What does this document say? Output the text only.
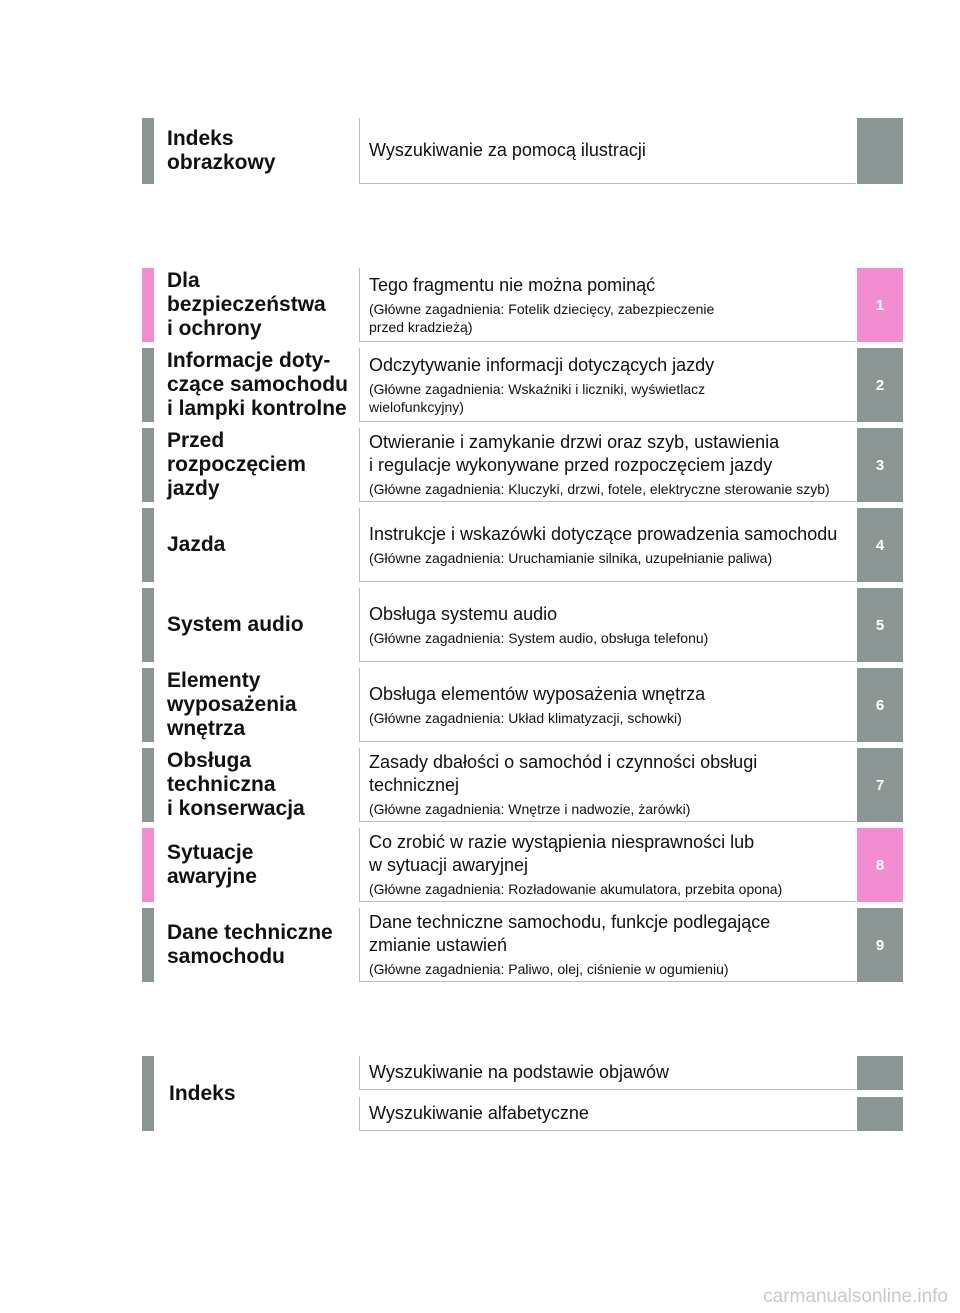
Indeks
obrazkowy
Wyszukiwanie za pomocą ilustracji
Dla
bezpieczeństwa
i ochrony
Tego fragmentu nie można pominąć
(Główne zagadnienia: Fotelik dziecięcy, zabezpieczenie
przed kradzieżą)
1
Informacje doty-
czące samochodu
i lampki kontrolne
Odczytywanie informacji dotyczących jazdy
(Główne zagadnienia: Wskaźniki i liczniki, wyświetlacz
wielofunkcyjny)
2
Przed
rozpoczęciem
jazdy
Otwieranie i zamykanie drzwi oraz szyb, ustawienia
i regulacje wykonywane przed rozpoczęciem jazdy
(Główne zagadnienia: Kluczyki, drzwi, fotele, elektryczne sterowanie szyb)
3
Jazda	Instrukcje i wskazówki dotyczące prowadzenia samochodu
(Główne zagadnienia: Uruchamianie silnika, uzupełnianie paliwa)
4
System audio	Obsługa systemu audio
(Główne zagadnienia: System audio, obsługa telefonu)
5
Elementy
wyposażenia
wnętrza
Obsługa elementów wyposażenia wnętrza
(Główne zagadnienia: Układ klimatyzacji, schowki)
6
Obsługa
techniczna
i konserwacja
Zasady dbałości o samochód i czynności obsługi
technicznej
(Główne zagadnienia: Wnętrze i nadwozie, żarówki)
7
Sytuacje
awaryjne
Co zrobić w razie wystąpienia niesprawności lub
w sytuacji awaryjnej
(Główne zagadnienia: Rozładowanie akumulatora, przebita opona)
8
Dane techniczne
samochodu
Dane techniczne samochodu, funkcje podlegające
zmianie ustawień
(Główne zagadnienia: Paliwo, olej, ciśnienie w ogumieniu)
9
Indeks
Wyszukiwanie na podstawie objawów
Wyszukiwanie alfabetyczne
carmanualsonline.info
